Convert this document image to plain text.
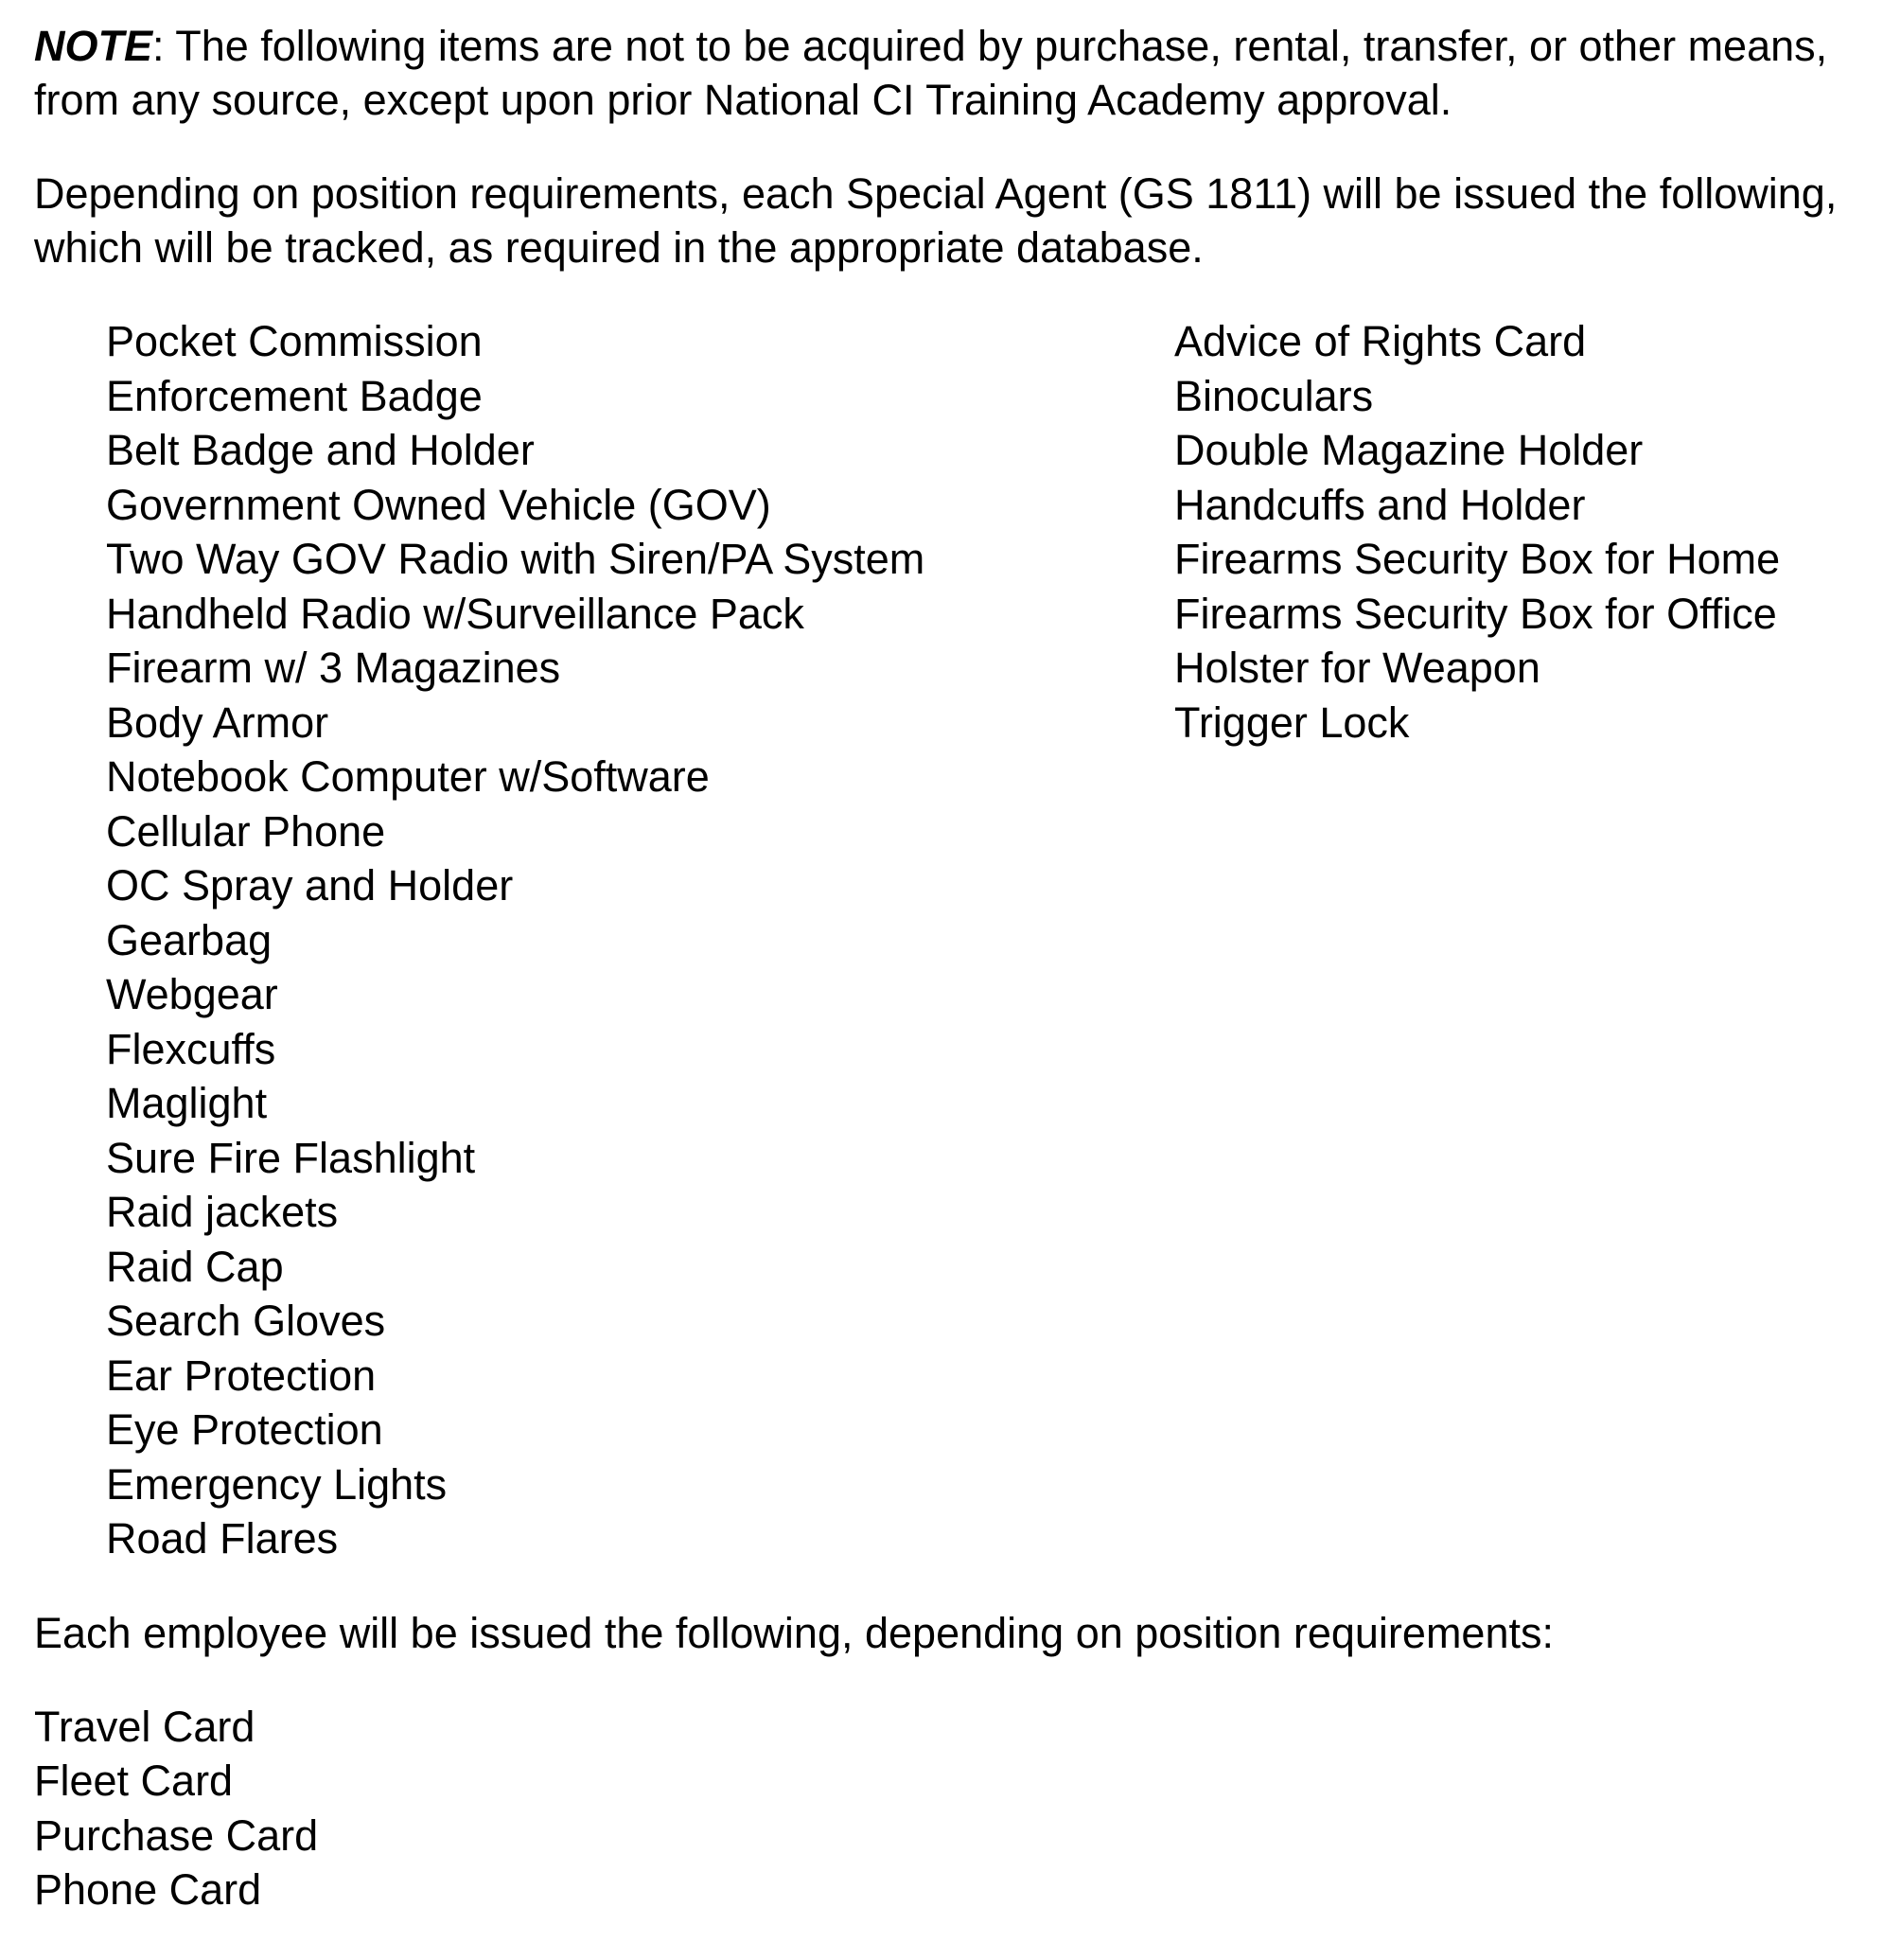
NOTE: The following items are not to be acquired by purchase, rental, transfer, or other means, from any source, except upon prior National CI Training Academy approval.

Depending on position requirements, each Special Agent (GS 1811) will be issued the following, which will be tracked, as required in the appropriate database.

Pocket Commission
Enforcement Badge
Belt Badge and Holder
Government Owned Vehicle (GOV)
Two Way GOV Radio with Siren/PA System
Handheld Radio w/Surveillance Pack
Firearm w/ 3 Magazines
Body Armor
Advice of Rights Card
Binoculars
Double Magazine Holder
Handcuffs and Holder
Firearms Security Box for Home
Firearms Security Box for Office
Holster for Weapon
Trigger Lock
Notebook Computer w/Software
Cellular Phone
OC Spray and Holder
Gearbag
Webgear
Flexcuffs
Maglight
Sure Fire Flashlight
Raid jackets
Raid Cap
Search Gloves
Ear Protection
Eye Protection
Emergency Lights
Road Flares

Each employee will be issued the following, depending on position requirements:

Travel Card
Fleet Card
Purchase Card
Phone Card
